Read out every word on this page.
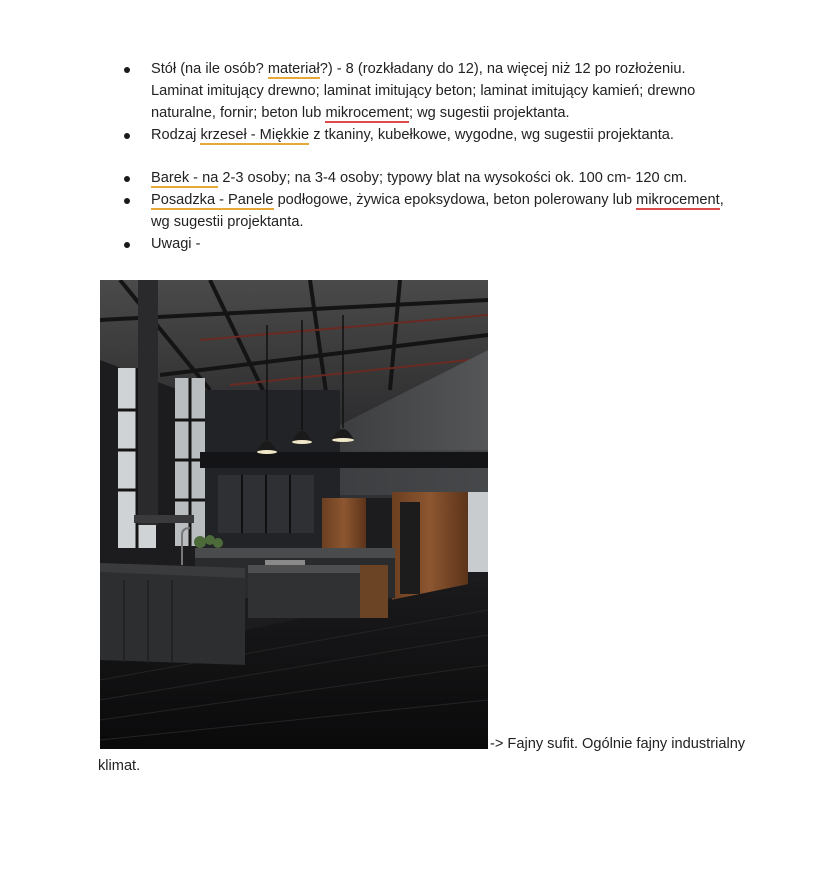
Stół (na ile osób? materiał?) - 8 (rozkładany do 12), na więcej niż 12 po rozłożeniu. Laminat imitujący drewno; laminat imitujący beton; laminat imitujący kamień; drewno naturalne, fornir; beton lub mikrocement; wg sugestii projektanta.
Rodzaj krzeseł - Miękkie z tkaniny, kubełkowe, wygodne, wg sugestii projektanta.
Barek - na 2-3 osoby; na 3-4 osoby; typowy blat na wysokości ok. 100 cm- 120 cm.
Posadzka - Panele podłogowe, żywica epoksydowa, beton polerowany lub mikrocement, wg sugestii projektanta.
Uwagi -
-> Fajny sufit. Ogólnie fajny industrialny
klimat.
